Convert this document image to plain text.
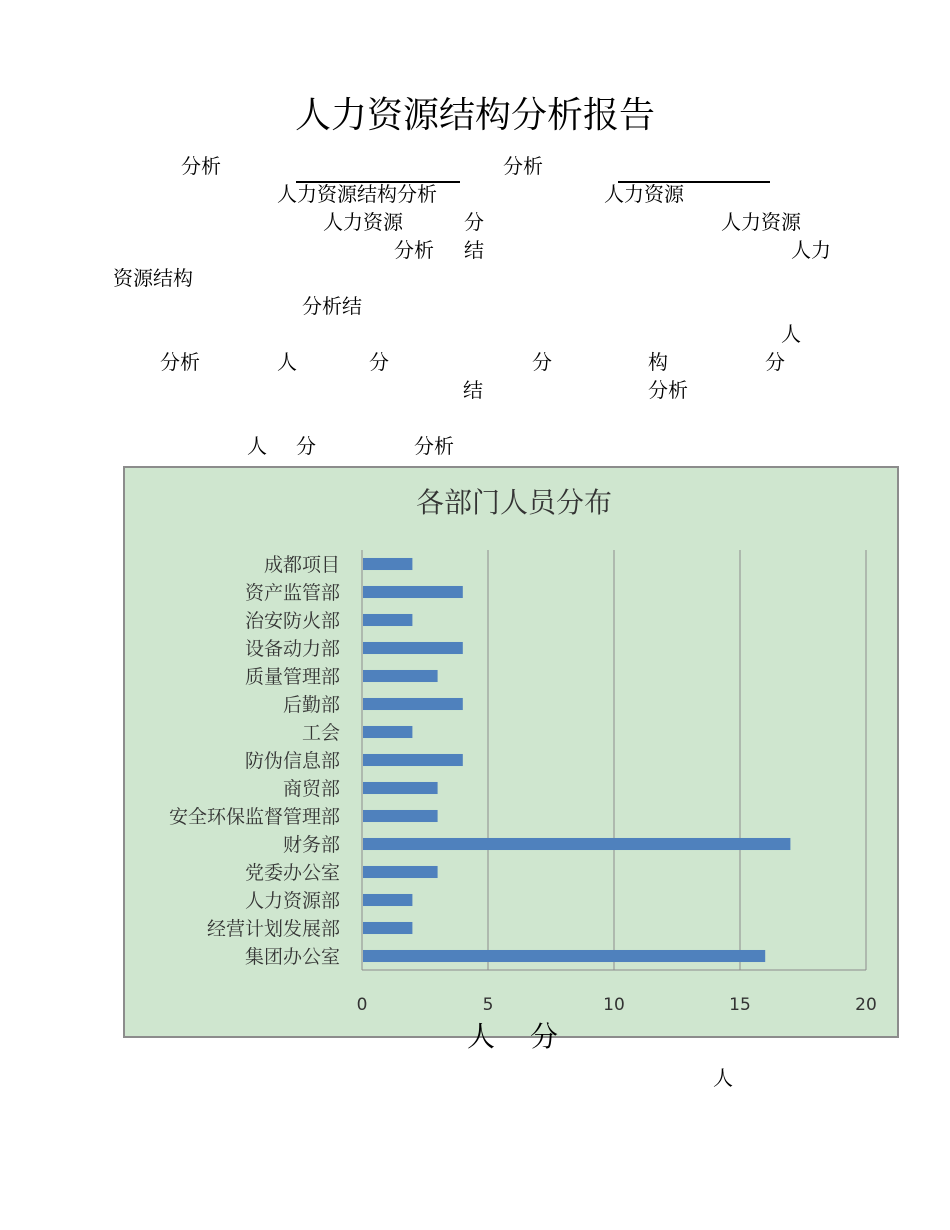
人力资源结构分析报告
分析	分析
人力资源结构分析	人力资源
人力资源	分	人力资源
分析 结	人力
资源结构
分析结
人
分析	人	分	分	构	分
结	分析
人 分	分析
各部门人员分布
0	5	10	15	20
成都项目
资产监管部
治安防火部
设备动力部
质量管理部
后勤部
工会
防伪信息部
商贸部
安全环保监督管理部
财务部
党委办公室
人力资源部
经营计划发展部
集团办公室
人 分
人
